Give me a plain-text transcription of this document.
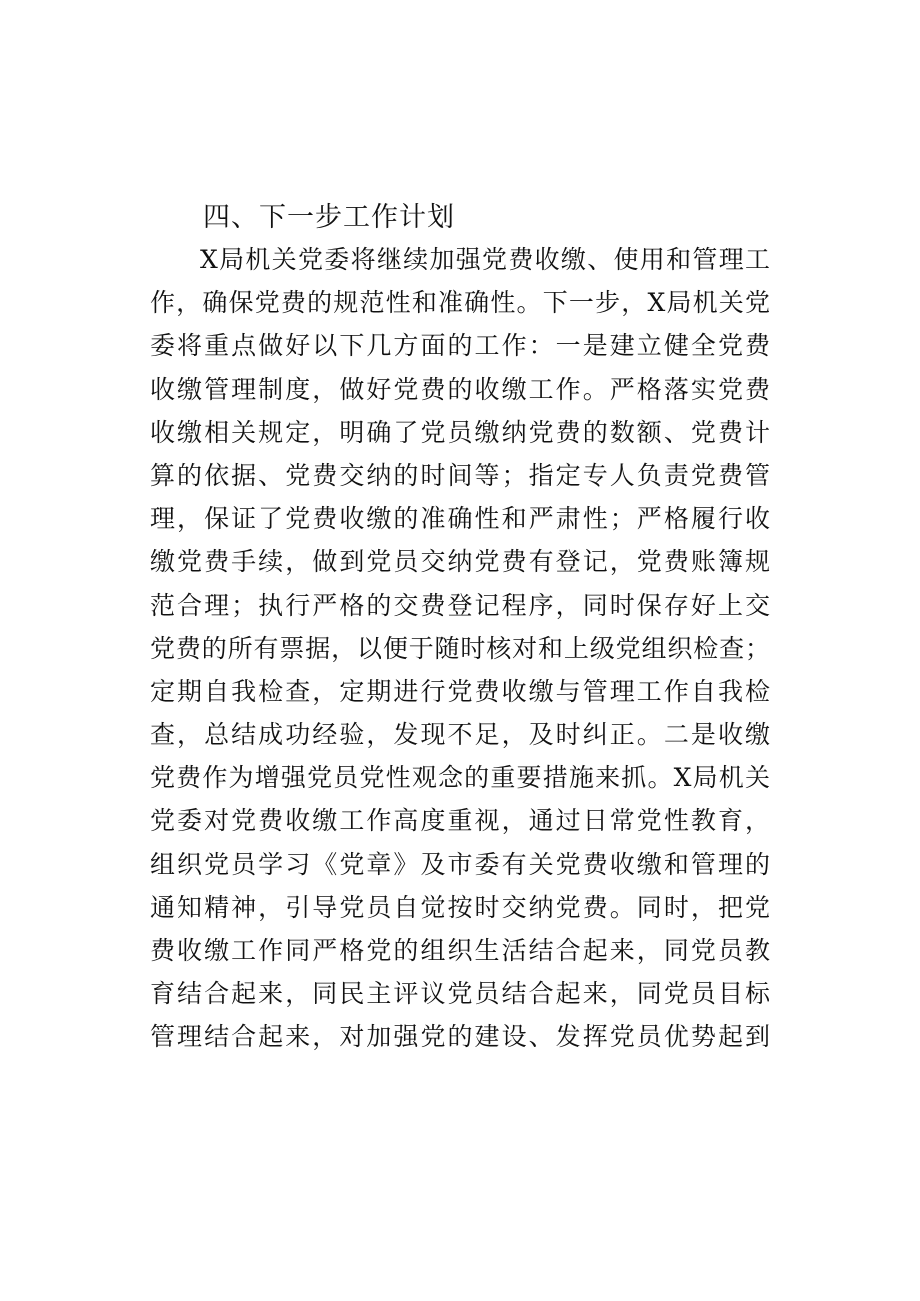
四、下一步工作计划
X局机关党委将继续加强党费收缴、使用和管理工
作，确保党费的规范性和准确性。下一步，X局机关党
委将重点做好以下几方面的工作：一是建立健全党费
收缴管理制度，做好党费的收缴工作。严格落实党费
收缴相关规定，明确了党员缴纳党费的数额、党费计
算的依据、党费交纳的时间等；指定专人负责党费管
理，保证了党费收缴的准确性和严肃性；严格履行收
缴党费手续，做到党员交纳党费有登记，党费账簿规
范合理；执行严格的交费登记程序，同时保存好上交
党费的所有票据，以便于随时核对和上级党组织检查；
定期自我检查，定期进行党费收缴与管理工作自我检
查，总结成功经验，发现不足，及时纠正。二是收缴
党费作为增强党员党性观念的重要措施来抓。X局机关
党委对党费收缴工作高度重视，通过日常党性教育，
组织党员学习《党章》及市委有关党费收缴和管理的
通知精神，引导党员自觉按时交纳党费。同时，把党
费收缴工作同严格党的组织生活结合起来，同党员教
育结合起来，同民主评议党员结合起来，同党员目标
管理结合起来，对加强党的建设、发挥党员优势起到
